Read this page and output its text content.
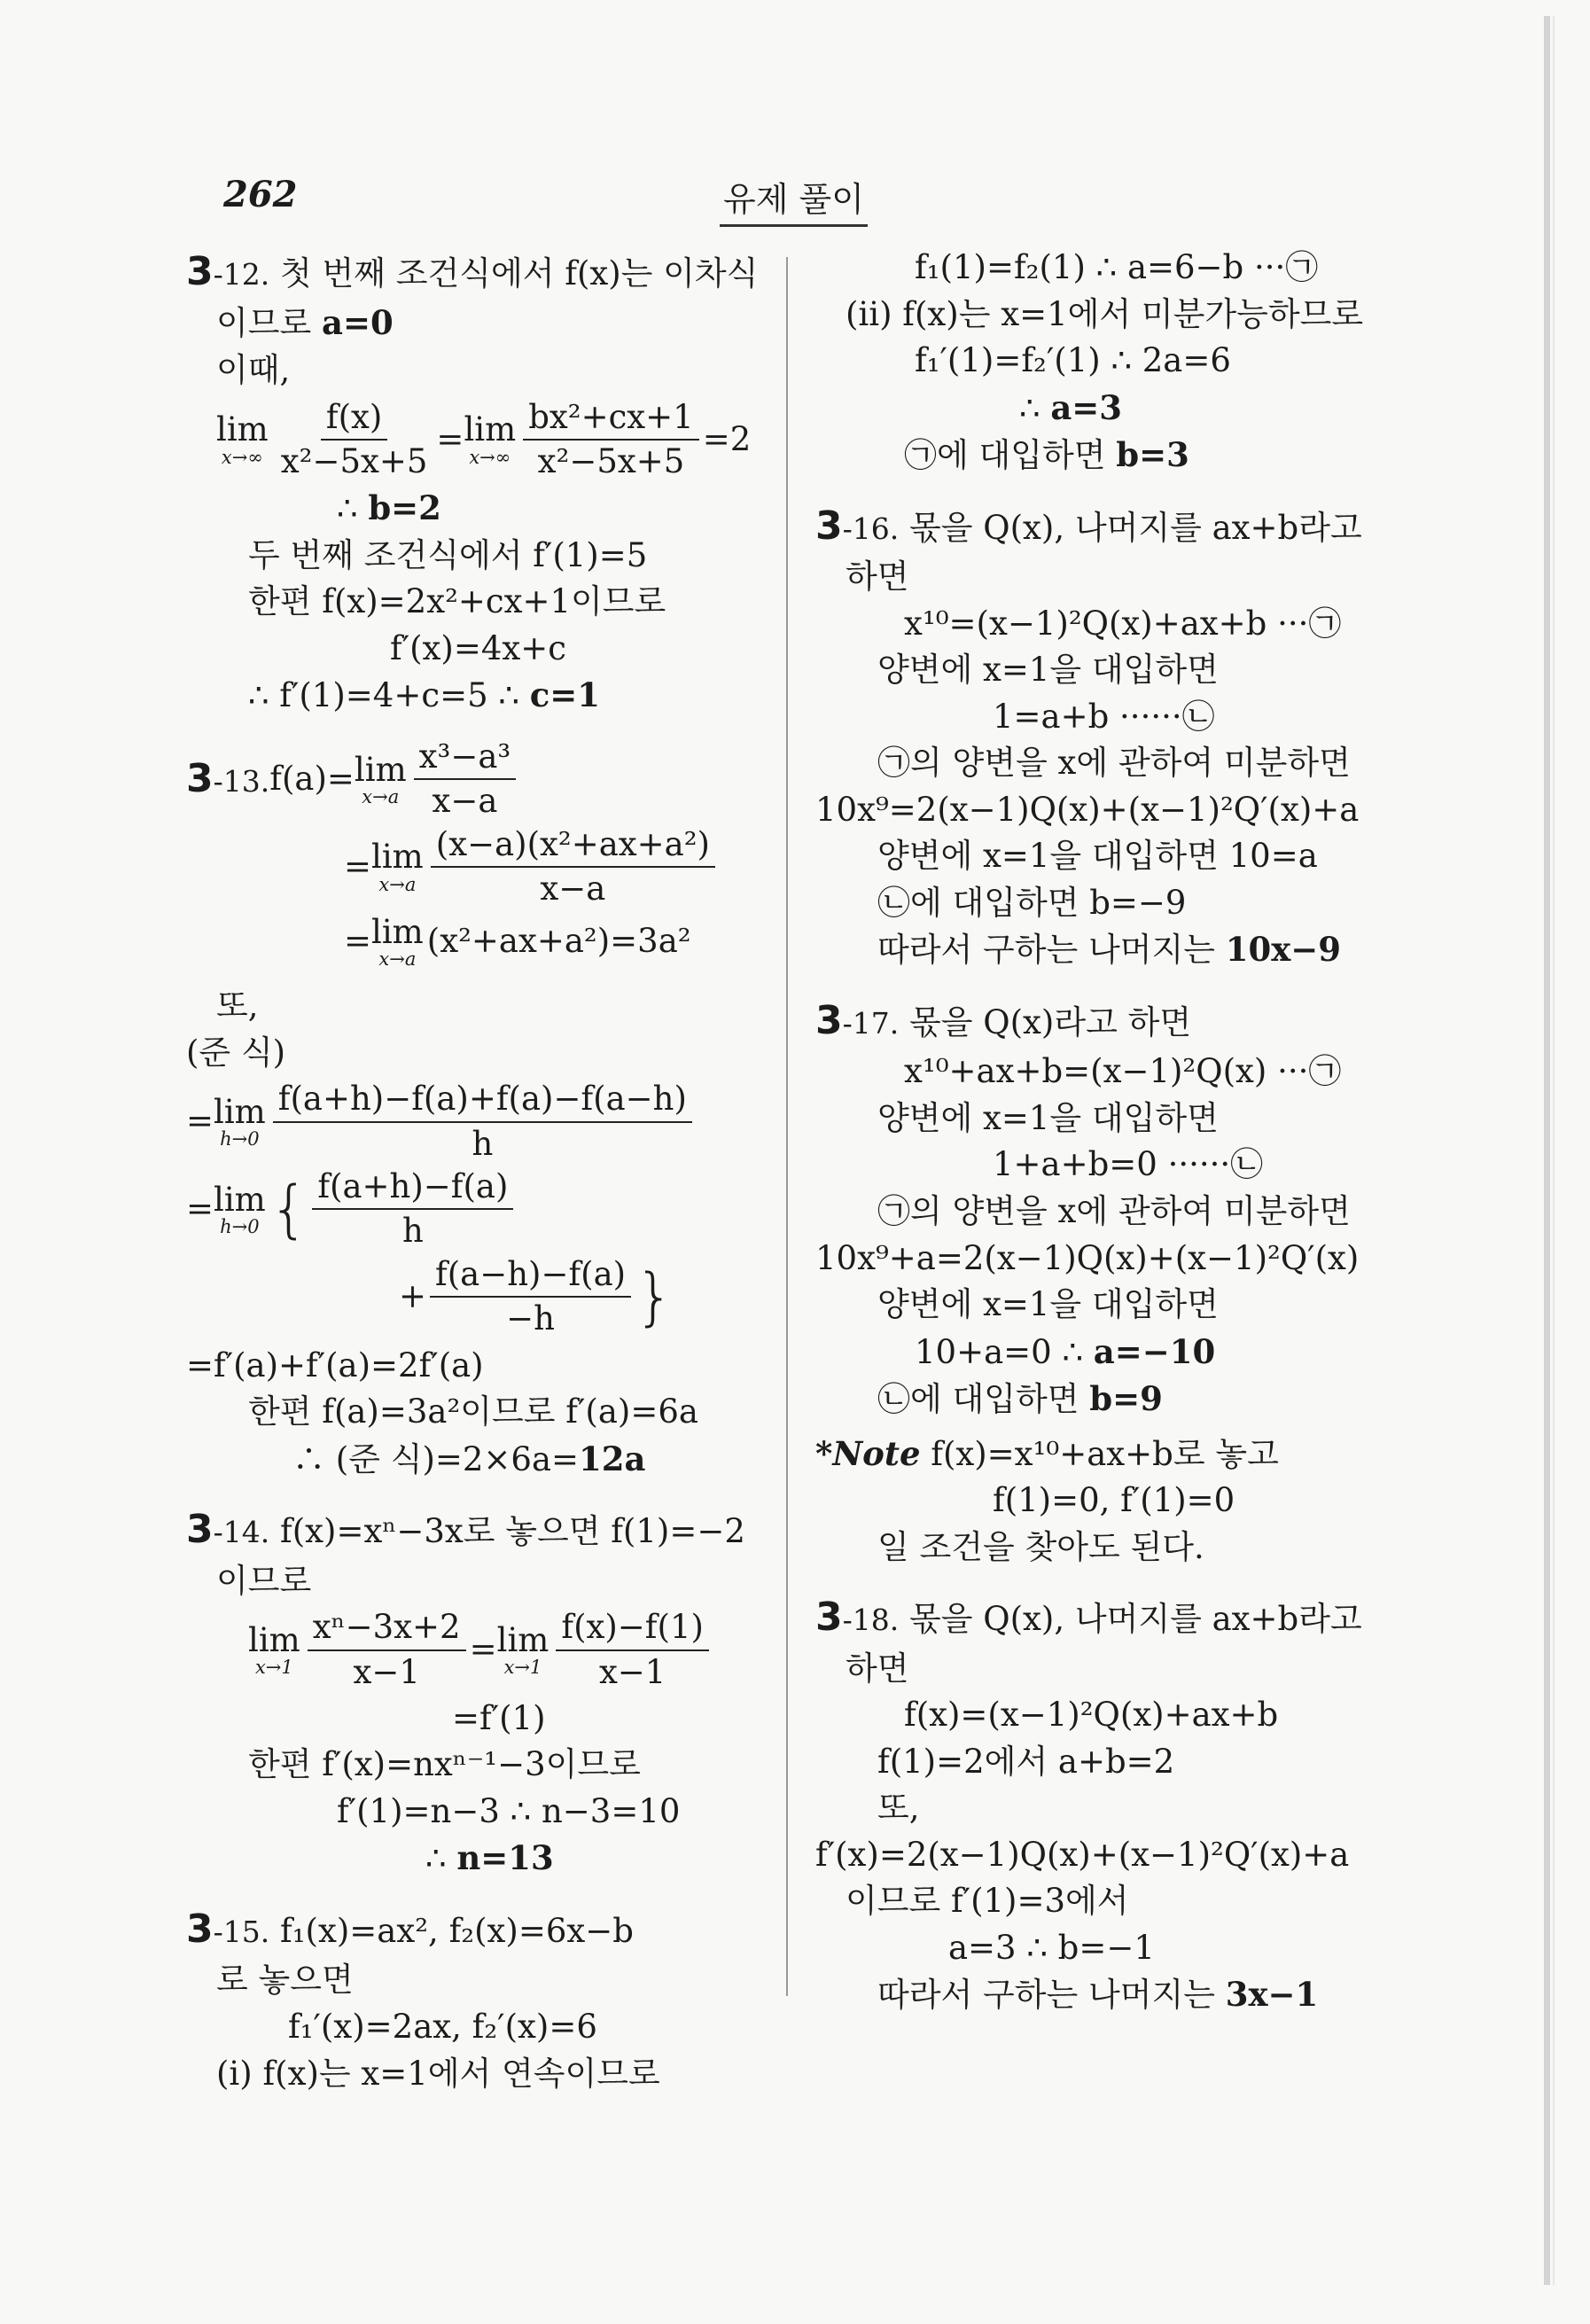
262	유제 풀이
3-12. 첫 번째 조건식에서 f(x)는 이차식
이므로 a=0
이때,
lim
$x\to\infty \frac{f(x)}{\text{x²−5x+5}} = \lim$
$x\to\infty \frac{\text{bx²+cx+1}}{\text{x²−5x+5}} =2$
∴ b=2
두 번째 조건식에서 f′(1)=5
한편 f(x)=2x²+cx+1이므로
f′(x)=4x+c
∴ f′(1)=4+c=5 ∴ c=1
3-13. f(a)= lim
$x\to a \frac{\text{x³−a³}}{x-a}$
= lim
$x\to a \frac{\text{(x−a)(x²+ax+a²)}}{x-a}$
= lim
x→a (x²+ax+a²)=3a²
또,
(준 식)
= lim
$h\to 0 \frac{f(a+h)-f(a)+f(a)-f(a-h)}{h}$
= lim
h→0 { $\frac{f(a+h)-f(a)}{h}$
+ $\frac{f(a-h)-f(a)}{-h}$ }
=f′(a)+f′(a)=2f′(a)
한편 f(a)=3a²이므로 f′(a)=6a
∴ (준 식)=2×6a=12a
3-14. f(x)=xⁿ−3x로 놓으면 f(1)=−2
이므로
lim
$x\to 1 \frac{\text{xⁿ−3x+2}}{x-1} = \lim$
$x\to 1 \frac{f(x)-f(1)}{x-1}$
=f′(1)
한편 f′(x)=nxⁿ⁻¹−3이므로
f′(1)=n−3 ∴ n−3=10
∴ n=13
3-15. f₁(x)=ax², f₂(x)=6x−b
로 놓으면
f₁′(x)=2ax, f₂′(x)=6
(i) f(x)는 x=1에서 연속이므로
f₁(1)=f₂(1) ∴ a=6−b ···㉠
(ii) f(x)는 x=1에서 미분가능하므로
f₁′(1)=f₂′(1) ∴ 2a=6
∴ a=3
㉠에 대입하면 b=3
3-16. 몫을 Q(x), 나머지를 ax+b라고
하면
x¹⁰=(x−1)²Q(x)+ax+b ···㉠
양변에 x=1을 대입하면
1=a+b ······㉡
㉠의 양변을 x에 관하여 미분하면
10x⁹=2(x−1)Q(x)+(x−1)²Q′(x)+a
양변에 x=1을 대입하면 10=a
㉡에 대입하면 b=−9
따라서 구하는 나머지는 10x−9
3-17. 몫을 Q(x)라고 하면
x¹⁰+ax+b=(x−1)²Q(x) ···㉠
양변에 x=1을 대입하면
1+a+b=0 ······㉡
㉠의 양변을 x에 관하여 미분하면
10x⁹+a=2(x−1)Q(x)+(x−1)²Q′(x)
양변에 x=1을 대입하면
10+a=0 ∴ a=−10
㉡에 대입하면 b=9
*Note f(x)=x¹⁰+ax+b로 놓고
f(1)=0, f′(1)=0
일 조건을 찾아도 된다.
3-18. 몫을 Q(x), 나머지를 ax+b라고
하면
f(x)=(x−1)²Q(x)+ax+b
f(1)=2에서 a+b=2
또,
f′(x)=2(x−1)Q(x)+(x−1)²Q′(x)+a
이므로 f′(1)=3에서
a=3 ∴ b=−1
따라서 구하는 나머지는 3x−1
